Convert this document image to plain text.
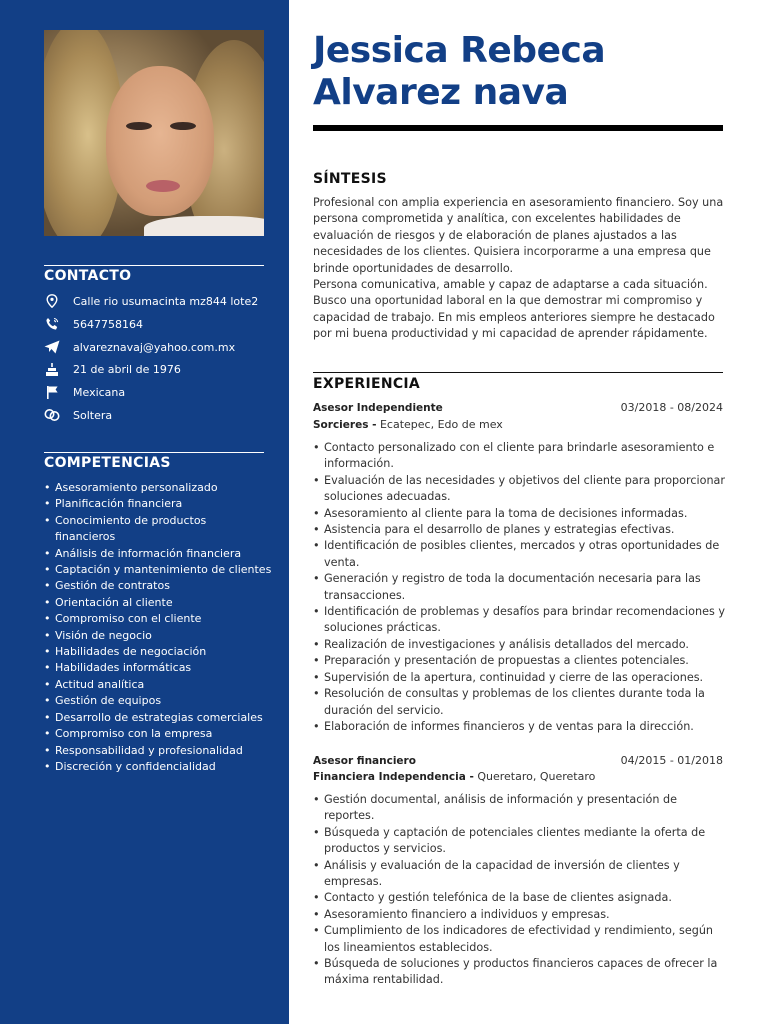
CONTACTO
Calle rio usumacinta mz844 lote2
5647758164
alvareznavaj@yahoo.com.mx
21 de abril de 1976
Mexicana
Soltera
COMPETENCIAS
• Asesoramiento personalizado
• Planificación financiera
• Conocimiento de productos
financieros
• Análisis de información financiera
• Captación y mantenimiento de clientes
• Gestión de contratos
• Orientación al cliente
• Compromiso con el cliente
• Visión de negocio
• Habilidades de negociación
• Habilidades informáticas
• Actitud analítica
• Gestión de equipos
• Desarrollo de estrategias comerciales
• Compromiso con la empresa
• Responsabilidad y profesionalidad
• Discreción y confidencialidad
Jessica Rebeca
Alvarez nava
SÍNTESIS

Profesional con amplia experiencia en asesoramiento financiero. Soy una persona comprometida y analítica, con excelentes habilidades de evaluación de riesgos y de elaboración de planes ajustados a las necesidades de los clientes. Quisiera incorporarme a una empresa que brinde oportunidades de desarrollo.

Persona comunicativa, amable y capaz de adaptarse a cada situación. Busco una oportunidad laboral en la que demostrar mi compromiso y capacidad de trabajo. En mis empleos anteriores siempre he destacado por mi buena productividad y mi capacidad de aprender rápidamente.

EXPERIENCIA
Asesor Independiente	03/2018 - 08/2024
Sorcieres - Ecatepec, Edo de mex
• Contacto personalizado con el cliente para brindarle asesoramiento e información.
• Evaluación de las necesidades y objetivos del cliente para proporcionar soluciones adecuadas.
• Asesoramiento al cliente para la toma de decisiones informadas.
• Asistencia para el desarrollo de planes y estrategias efectivas.
• Identificación de posibles clientes, mercados y otras oportunidades de venta.
• Generación y registro de toda la documentación necesaria para las transacciones.
• Identificación de problemas y desafíos para brindar recomendaciones y soluciones prácticas.
• Realización de investigaciones y análisis detallados del mercado.
• Preparación y presentación de propuestas a clientes potenciales.
• Supervisión de la apertura, continuidad y cierre de las operaciones.
• Resolución de consultas y problemas de los clientes durante toda la duración del servicio.
• Elaboración de informes financieros y de ventas para la dirección.
Asesor financiero	04/2015 - 01/2018
Financiera Independencia - Queretaro, Queretaro
• Gestión documental, análisis de información y presentación de reportes.
• Búsqueda y captación de potenciales clientes mediante la oferta de productos y servicios.
• Análisis y evaluación de la capacidad de inversión de clientes y empresas.
• Contacto y gestión telefónica de la base de clientes asignada.
• Asesoramiento financiero a individuos y empresas.
• Cumplimiento de los indicadores de efectividad y rendimiento, según los lineamientos establecidos.
• Búsqueda de soluciones y productos financieros capaces de ofrecer la máxima rentabilidad.
